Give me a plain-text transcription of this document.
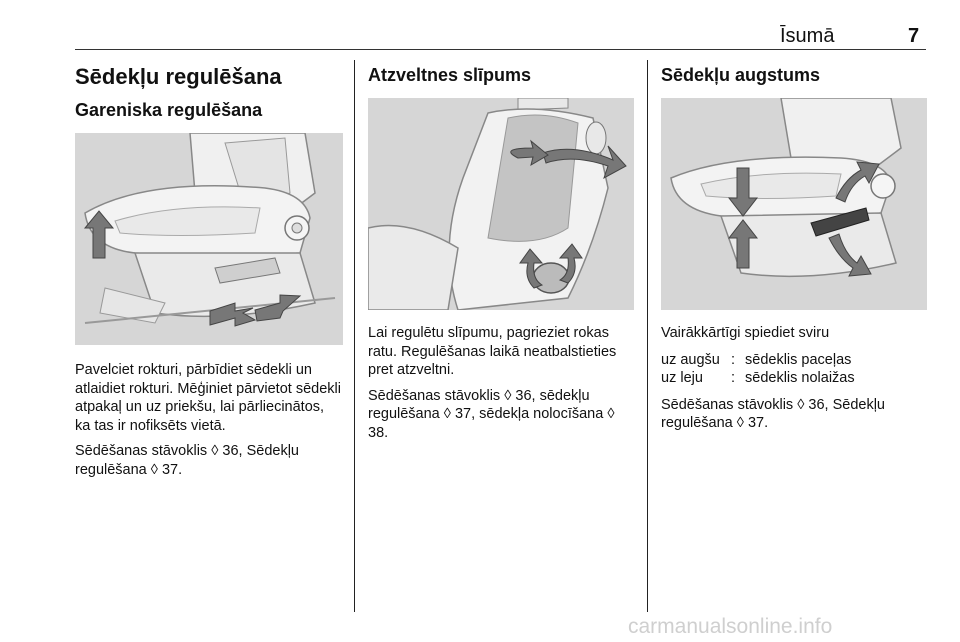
Īsumā	7
Sēdekļu regulēšana
Gareniska regulēšana

Pavelciet rokturi, pārbīdiet sēdekli un atlaidiet rokturi. Mēģiniet pārvietot sēdekli atpakaļ un uz priekšu, lai pārliecinātos, ka tas ir nofiksēts vietā.

Sēdēšanas stāvoklis ◊ 36, Sēdekļu regulēšana ◊ 37.

Atzveltnes slīpums

Lai regulētu slīpumu, pagrieziet rokas ratu. Regulēšanas laikā neatbalstieties pret atzveltni.

Sēdēšanas stāvoklis ◊ 36, sēdekļu regulēšana ◊ 37, sēdekļa nolocīšana ◊ 38.

Sēdekļu augstums

Vairākkārtīgi spiediet sviru

uz augšu : sēdeklis paceļas
uz leju	: sēdeklis nolaižas

Sēdēšanas stāvoklis ◊ 36, Sēdekļu regulēšana ◊ 37.

carmanualsonline.info
